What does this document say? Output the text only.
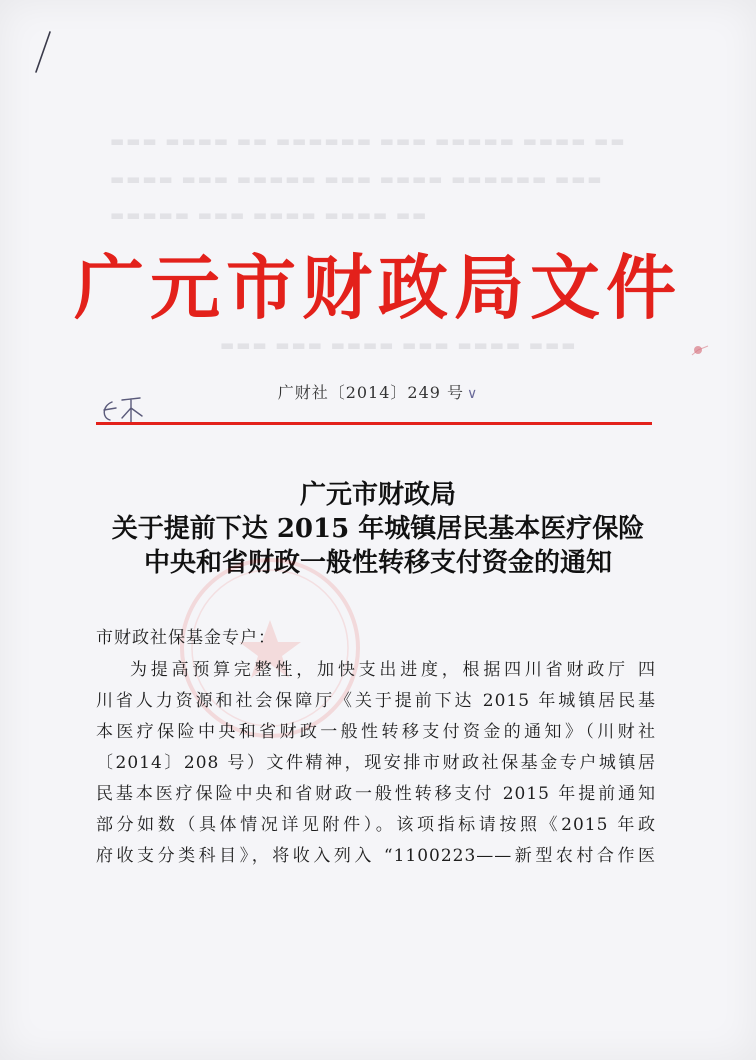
▬▬▬ ▬▬▬▬ ▬▬ ▬▬▬▬▬▬ ▬▬▬ ▬▬▬▬▬ ▬▬▬▬ ▬▬
▬▬▬▬ ▬▬▬ ▬▬▬▬▬ ▬▬▬ ▬▬▬▬ ▬▬▬▬▬▬ ▬▬▬
▬▬▬▬▬ ▬▬▬ ▬▬▬▬ ▬▬▬▬ ▬▬
▬▬▬ ▬▬▬ ▬▬▬▬ ▬▬▬ ▬▬▬▬ ▬▬▬
广元市财政局文件
广财社〔2014〕249 号 ∨
广元市财政局
关于提前下达 2015 年城镇居民基本医疗保险
中央和省财政一般性转移支付资金的通知
市财政社保基金专户：
为提高预算完整性，加快支出进度，根据四川省财政厅 四
川省人力资源和社会保障厅《关于提前下达 2015 年城镇居民基
本医疗保险中央和省财政一般性转移支付资金的通知》（川财社
〔2014〕208 号）文件精神，现安排市财政社保基金专户城镇居
民基本医疗保险中央和省财政一般性转移支付 2015 年提前通知
部分如数（具体情况详见附件）。该项指标请按照《2015 年政
府收支分类科目》，将收入列入 “1100223——新型农村合作医
